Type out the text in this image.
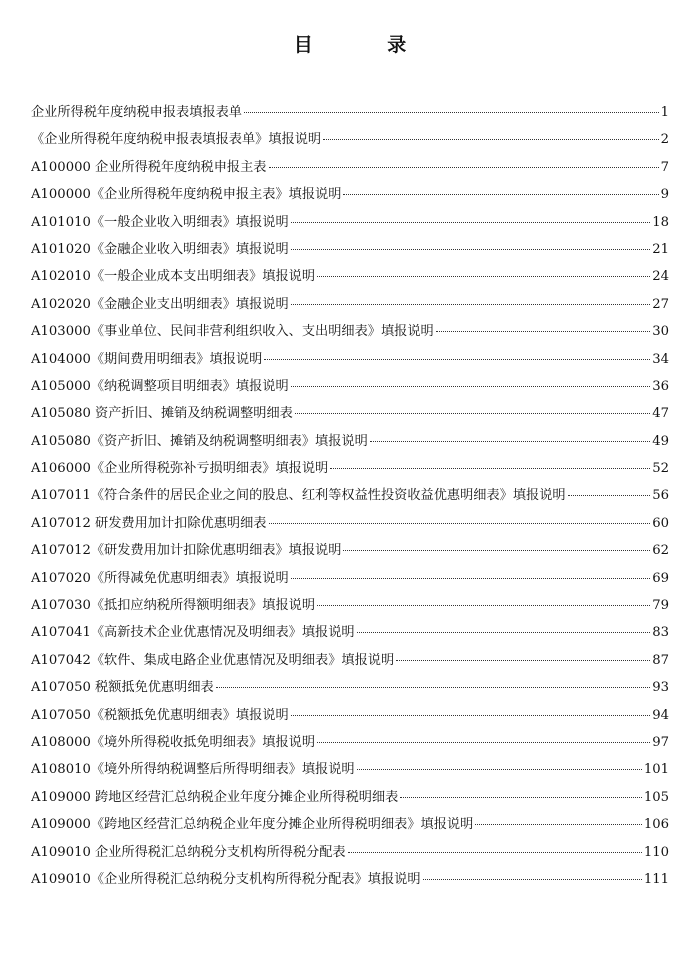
目 录
企业所得税年度纳税申报表填报表单	1
《企业所得税年度纳税申报表填报表单》填报说明	2
A100000 企业所得税年度纳税申报主表	7
A100000《企业所得税年度纳税申报主表》填报说明	9
A101010《一般企业收入明细表》填报说明	18
A101020《金融企业收入明细表》填报说明	21
A102010《一般企业成本支出明细表》填报说明	24
A102020《金融企业支出明细表》填报说明	27
A103000《事业单位、民间非营利组织收入、支出明细表》填报说明	30
A104000《期间费用明细表》填报说明	34
A105000《纳税调整项目明细表》填报说明	36
A105080 资产折旧、摊销及纳税调整明细表	47
A105080《资产折旧、摊销及纳税调整明细表》填报说明	49
A106000《企业所得税弥补亏损明细表》填报说明	52
A107011《符合条件的居民企业之间的股息、红利等权益性投资收益优惠明细表》填报说明	56
A107012 研发费用加计扣除优惠明细表	60
A107012《研发费用加计扣除优惠明细表》填报说明	62
A107020《所得减免优惠明细表》填报说明	69
A107030《抵扣应纳税所得额明细表》填报说明	79
A107041《高新技术企业优惠情况及明细表》填报说明	83
A107042《软件、集成电路企业优惠情况及明细表》填报说明	87
A107050 税额抵免优惠明细表	93
A107050《税额抵免优惠明细表》填报说明	94
A108000《境外所得税收抵免明细表》填报说明	97
A108010《境外所得纳税调整后所得明细表》填报说明	101
A109000 跨地区经营汇总纳税企业年度分摊企业所得税明细表	105
A109000《跨地区经营汇总纳税企业年度分摊企业所得税明细表》填报说明	106
A109010 企业所得税汇总纳税分支机构所得税分配表	110
A109010《企业所得税汇总纳税分支机构所得税分配表》填报说明	111
